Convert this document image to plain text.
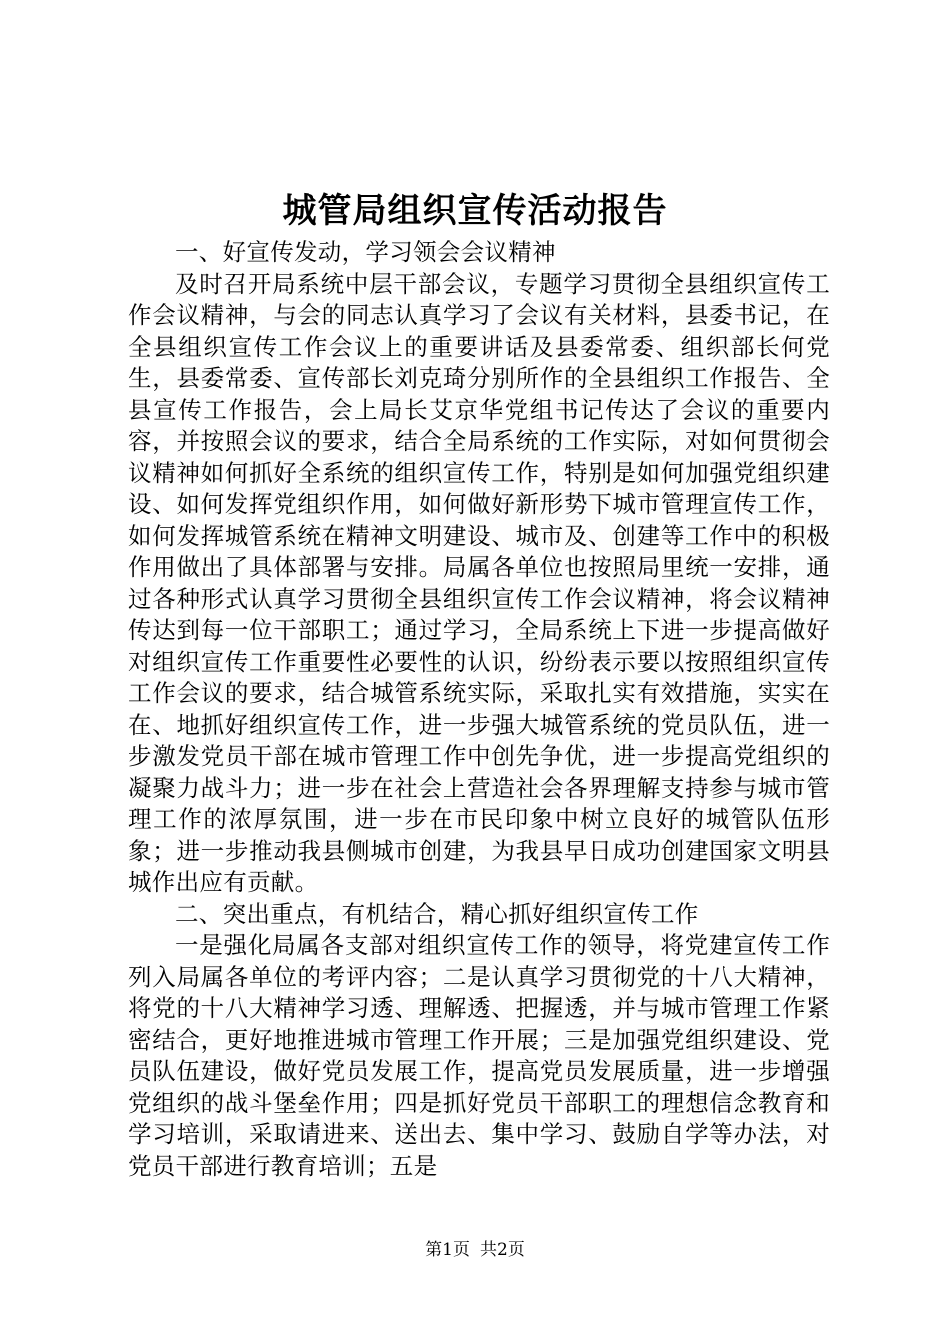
城管局组织宣传活动报告

一、好宣传发动，学习领会会议精神

及时召开局系统中层干部会议，专题学习贯彻全县组织宣传工作会议精神，与会的同志认真学习了会议有关材料，县委书记，在全县组织宣传工作会议上的重要讲话及县委常委、组织部长何党生，县委常委、宣传部长刘克琦分别所作的全县组织工作报告、全县宣传工作报告，会上局长艾京华党组书记传达了会议的重要内容，并按照会议的要求，结合全局系统的工作实际，对如何贯彻会议精神如何抓好全系统的组织宣传工作，特别是如何加强党组织建设、如何发挥党组织作用，如何做好新形势下城市管理宣传工作，如何发挥城管系统在精神文明建设、城市及、创建等工作中的积极作用做出了具体部署与安排。局属各单位也按照局里统一安排，通过各种形式认真学习贯彻全县组织宣传工作会议精神，将会议精神传达到每一位干部职工；通过学习，全局系统上下进一步提高做好对组织宣传工作重要性必要性的认识，纷纷表示要以按照组织宣传工作会议的要求，结合城管系统实际，采取扎实有效措施，实实在在、地抓好组织宣传工作，进一步强大城管系统的党员队伍，进一步激发党员干部在城市管理工作中创先争优，进一步提高党组织的凝聚力战斗力；进一步在社会上营造社会各界理解支持参与城市管理工作的浓厚氛围，进一步在市民印象中树立良好的城管队伍形象；进一步推动我县侧城市创建，为我县早日成功创建国家文明县城作出应有贡献。

二、突出重点，有机结合，精心抓好组织宣传工作

一是强化局属各支部对组织宣传工作的领导，将党建宣传工作列入局属各单位的考评内容；二是认真学习贯彻党的十八大精神，将党的十八大精神学习透、理解透、把握透，并与城市管理工作紧密结合，更好地推进城市管理工作开展；三是加强党组织建设、党员队伍建设，做好党员发展工作，提高党员发展质量，进一步增强党组织的战斗堡垒作用；四是抓好党员干部职工的理想信念教育和学习培训，采取请进来、送出去、集中学习、鼓励自学等办法，对党员干部进行教育培训；五是

第1页 共2页
